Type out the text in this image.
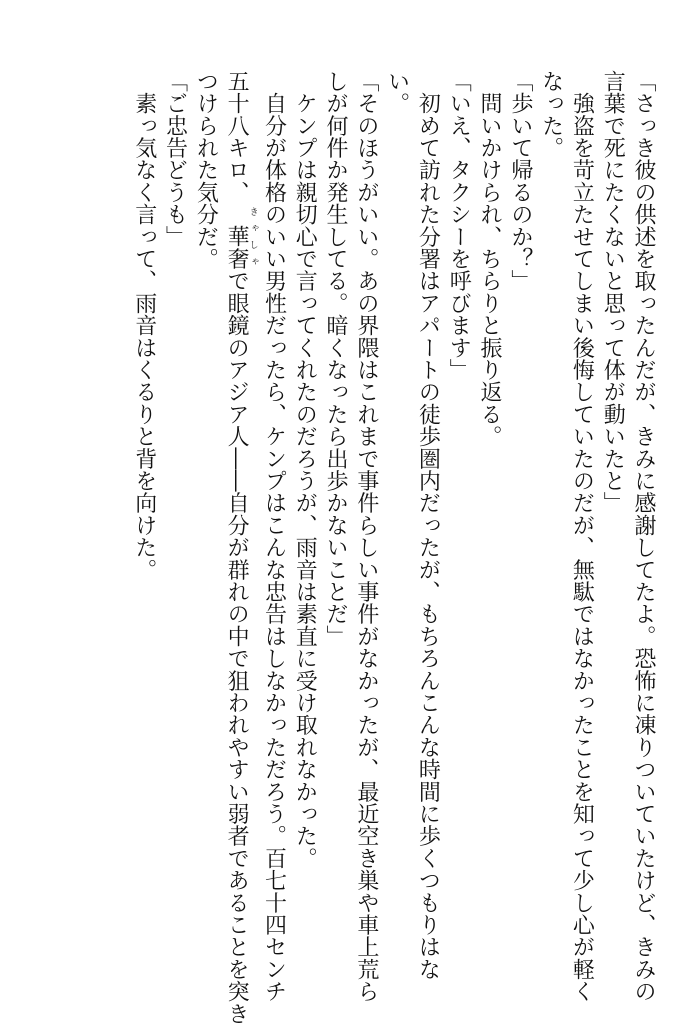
「さっき彼の供述を取ったんだが、きみに感謝してたよ。恐怖に凍りついていたけど、きみの
言葉で死にたくないと思って体が動いたと」
　強盗を苛立たせてしまい後悔していたのだが、無駄ではなかったことを知って少し心が軽く
なった。
「歩いて帰るのか？」
　問いかけられ、ちらりと振り返る。
「いえ、タクシーを呼びます」
　初めて訪れた分署はアパートの徒歩圏内だったが、もちろんこんな時間に歩くつもりはな
い。
「そのほうがいい。あの界隈はこれまで事件らしい事件がなかったが、最近空き巣や車上荒ら
しが何件か発生してる。暗くなったら出歩かないことだ」
　ケンプは親切心で言ってくれたのだろうが、雨音は素直に受け取れなかった。
　自分が体格のいい男性だったら、ケンプはこんな忠告はしなかっただろう。百七十四センチ
五十八キロ、　華奢きゃしゃで眼鏡のアジア人――自分が群れの中で狙われやすい弱者であることを突き
つけられた気分だ。
「ご忠告どうも」
　素っ気なく言って、雨音はくるりと背を向けた。
